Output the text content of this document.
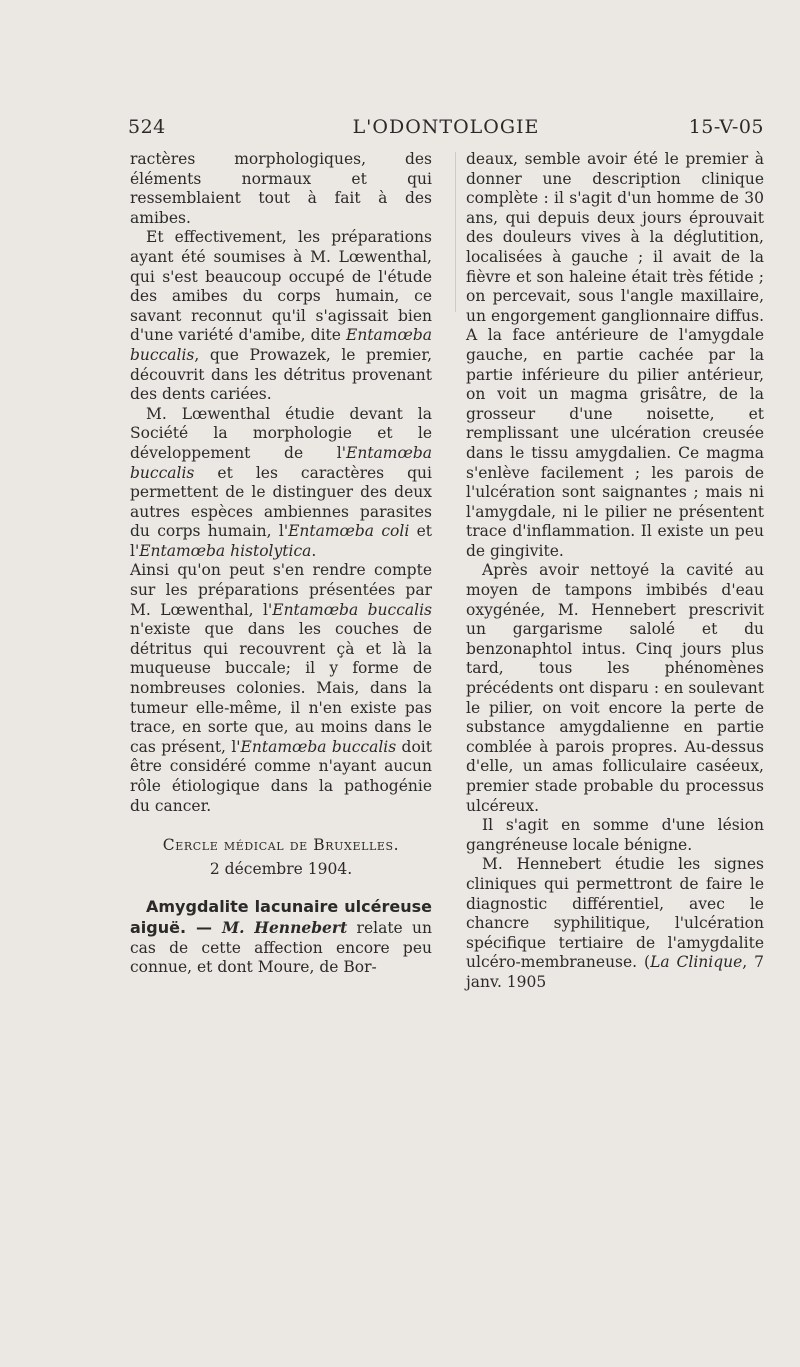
524	L'ODONTOLOGIE	15-V-05

ractères morphologiques, des éléments normaux et qui ressemblaient tout à fait à des amibes.

Et effectivement, les préparations ayant été soumises à M. Lœwenthal, qui s'est beaucoup occupé de l'étude des amibes du corps humain, ce savant reconnut qu'il s'agissait bien d'une variété d'amibe, dite Entamœba buccalis, que Prowazek, le premier, découvrit dans les détritus provenant des dents cariées.

M. Lœwenthal étudie devant la Société la morphologie et le développement de l'Entamœba buccalis et les caractères qui permettent de le distinguer des deux autres espèces ambiennes parasites du corps humain, l'Entamœba coli et l'Entamœba histolytica.

Ainsi qu'on peut s'en rendre compte sur les préparations présentées par M. Lœwenthal, l'Entamœba buccalis n'existe que dans les couches de détritus qui recouvrent çà et là la muqueuse buccale; il y forme de nombreuses colonies. Mais, dans la tumeur elle-même, il n'en existe pas trace, en sorte que, au moins dans le cas présent, l'Entamœba buccalis doit être considéré comme n'ayant aucun rôle étiologique dans la pathogénie du cancer.

Cercle médical de Bruxelles.

2 décembre 1904.

Amygdalite lacunaire ulcéreuse aiguë. — M. Hennebert relate un cas de cette affection encore peu connue, et dont Moure, de Bor-

deaux, semble avoir été le premier à donner une description clinique complète : il s'agit d'un homme de 30 ans, qui depuis deux jours éprouvait des douleurs vives à la déglutition, localisées à gauche ; il avait de la fièvre et son haleine était très fétide ; on percevait, sous l'angle maxillaire, un engorgement ganglionnaire diffus. A la face antérieure de l'amygdale gauche, en partie cachée par la partie inférieure du pilier antérieur, on voit un magma grisâtre, de la grosseur d'une noisette, et remplissant une ulcération creusée dans le tissu amygdalien. Ce magma s'enlève facilement ; les parois de l'ulcération sont saignantes ; mais ni l'amygdale, ni le pilier ne présentent trace d'inflammation. Il existe un peu de gingivite.

Après avoir nettoyé la cavité au moyen de tampons imbibés d'eau oxygénée, M. Hennebert prescrivit un gargarisme salolé et du benzonaphtol intus. Cinq jours plus tard, tous les phénomènes précédents ont disparu : en soulevant le pilier, on voit encore la perte de substance amygdalienne en partie comblée à parois propres. Au-dessus d'elle, un amas folliculaire caséeux, premier stade probable du processus ulcéreux.

Il s'agit en somme d'une lésion gangréneuse locale bénigne.

M. Hennebert étudie les signes cliniques qui permettront de faire le diagnostic différentiel, avec le chancre syphilitique, l'ulcération spécifique tertiaire de l'amygdalite ulcéro-membraneuse. (La Clinique, 7 janv. 1905
